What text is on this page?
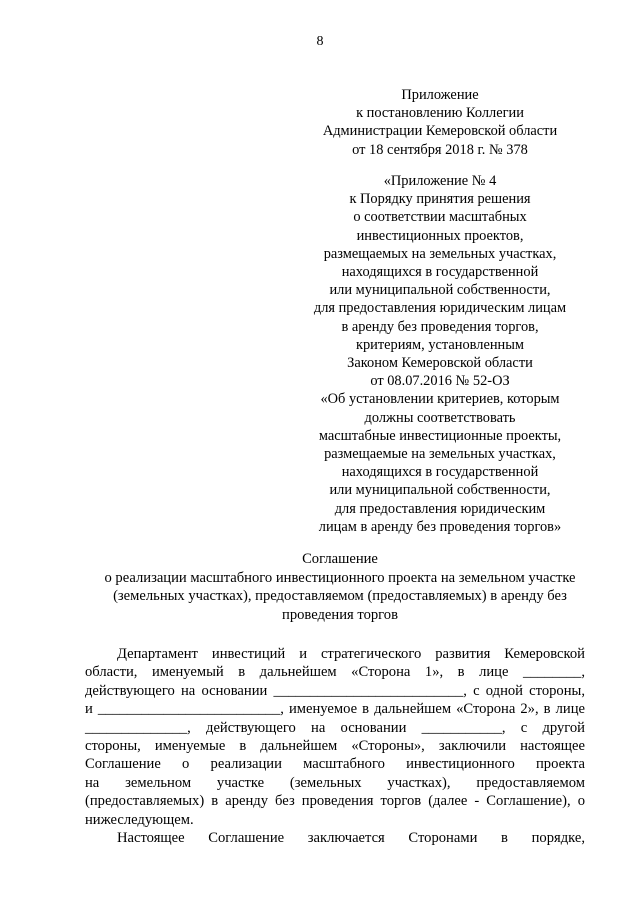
8
Приложение
к постановлению Коллегии
Администрации Кемеровской области
от 18 сентября 2018 г. № 378
«Приложение № 4
к Порядку принятия решения
о соответствии масштабных
инвестиционных проектов,
размещаемых на земельных участках,
находящихся в государственной
или муниципальной собственности,
для предоставления юридическим лицам
в аренду без проведения торгов,
критериям, установленным
Законом Кемеровской области
от 08.07.2016 № 52-ОЗ
«Об установлении критериев, которым
должны соответствовать
масштабные инвестиционные проекты,
размещаемые на земельных участках,
находящихся в государственной
или муниципальной собственности,
для предоставления юридическим
лицам в аренду без проведения торгов»
Соглашение
о реализации масштабного инвестиционного проекта на земельном участке
(земельных участках), предоставляемом (предоставляемых) в аренду без
проведения торгов
Департамент инвестиций и стратегического развития Кемеровской
области, именуемый в дальнейшем «Сторона 1», в лице ________,
действующего на основании __________________________, с одной стороны,
и _________________________, именуемое в дальнейшем «Сторона 2», в лице
______________, действующего на основании ___________, с другой
стороны, именуемые в дальнейшем «Стороны», заключили настоящее
Соглашение о реализации масштабного инвестиционного проекта
на земельном участке (земельных участках), предоставляемом
(предоставляемых) в аренду без проведения торгов (далее - Соглашение), о
нижеследующем.
Настоящее Соглашение заключается Сторонами в порядке,
